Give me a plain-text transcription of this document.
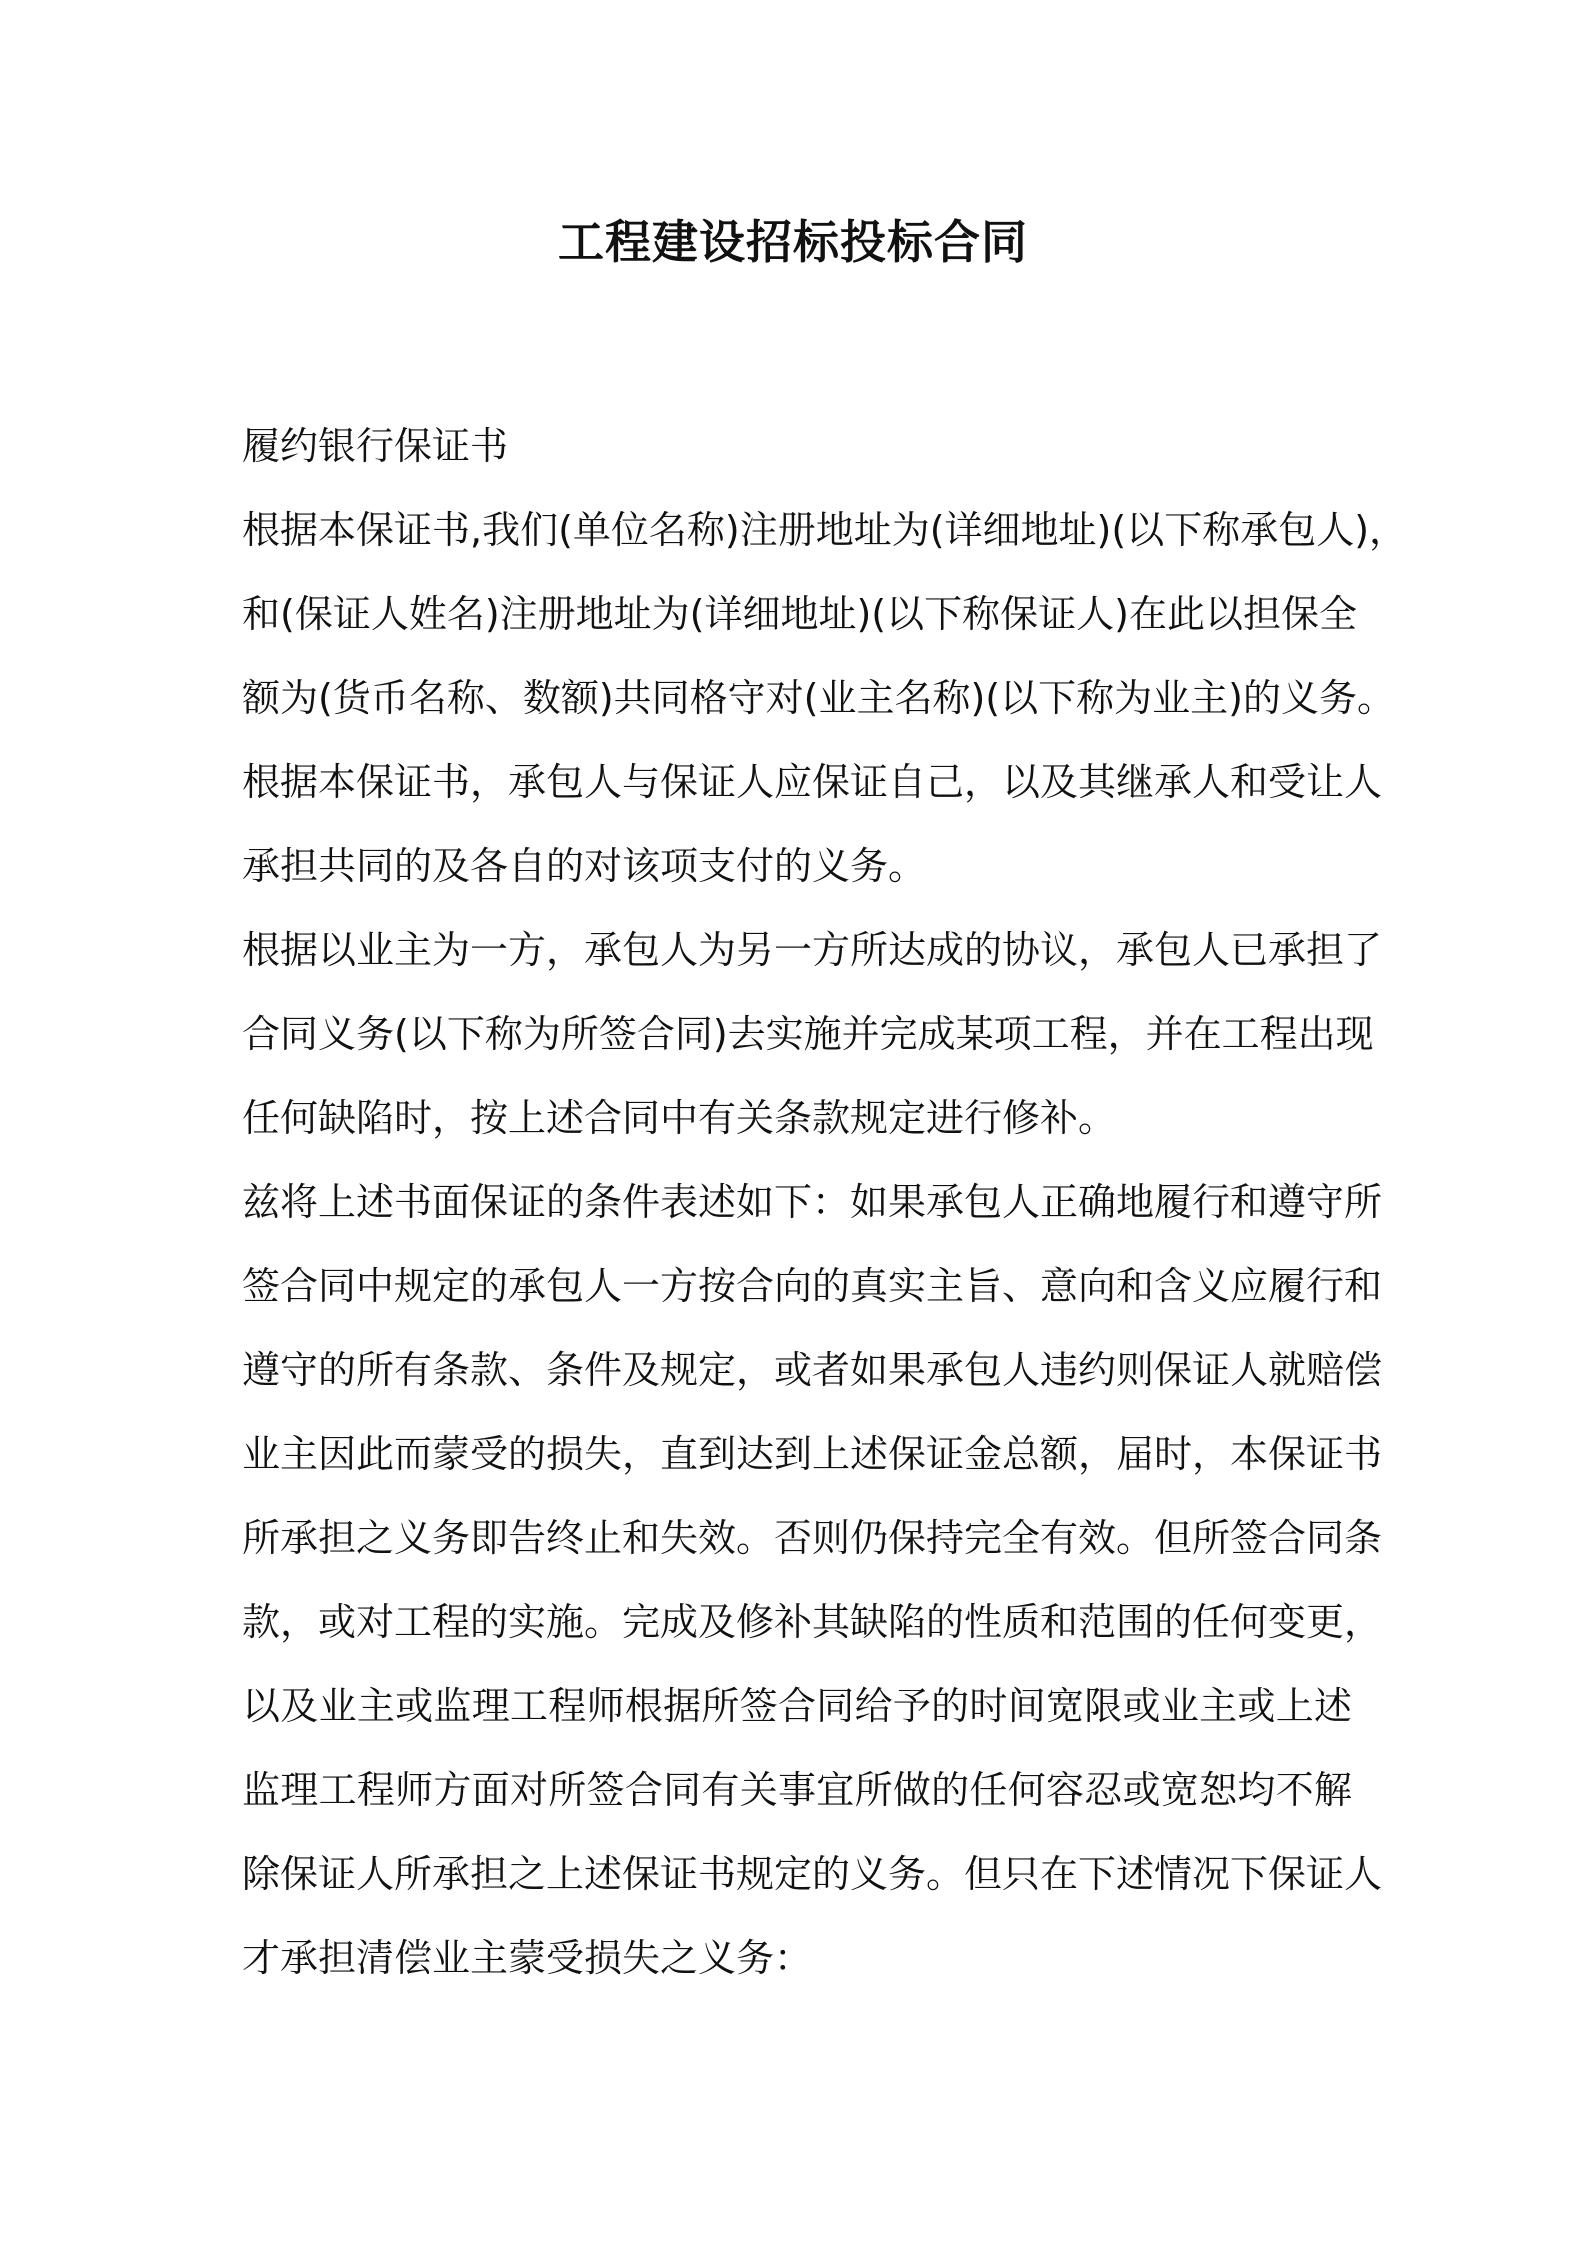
工程建设招标投标合同
履约银行保证书
根据本保证书,我们(单位名称)注册地址为(详细地址)(以下称承包人)，
和(保证人姓名)注册地址为(详细地址)(以下称保证人)在此以担保全
额为(货币名称、数额)共同格守对(业主名称)(以下称为业主)的义务。
根据本保证书，承包人与保证人应保证自己，以及其继承人和受让人
承担共同的及各自的对该项支付的义务。
根据以业主为一方，承包人为另一方所达成的协议，承包人已承担了
合同义务(以下称为所签合同)去实施并完成某项工程，并在工程出现
任何缺陷时，按上述合同中有关条款规定进行修补。
兹将上述书面保证的条件表述如下：如果承包人正确地履行和遵守所
签合同中规定的承包人一方按合向的真实主旨、意向和含义应履行和
遵守的所有条款、条件及规定，或者如果承包人违约则保证人就赔偿
业主因此而蒙受的损失，直到达到上述保证金总额，届时，本保证书
所承担之义务即告终止和失效。否则仍保持完全有效。但所签合同条
款，或对工程的实施。完成及修补其缺陷的性质和范围的任何变更，
以及业主或监理工程师根据所签合同给予的时间宽限或业主或上述
监理工程师方面对所签合同有关事宜所做的任何容忍或宽恕均不解
除保证人所承担之上述保证书规定的义务。但只在下述情况下保证人
才承担清偿业主蒙受损失之义务：
